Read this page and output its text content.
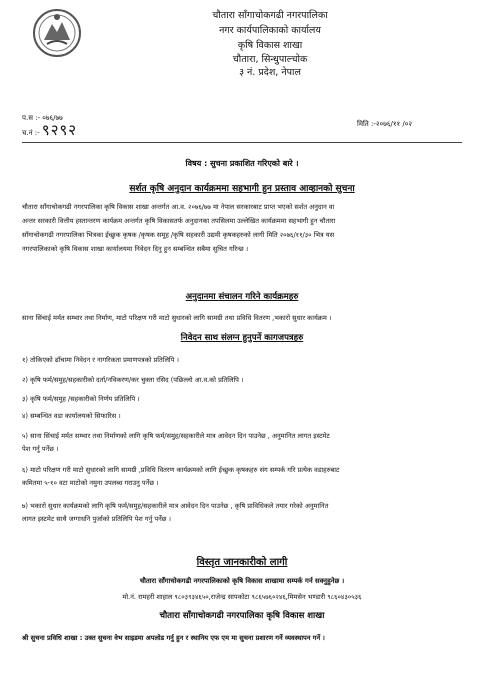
चौतारा साँगाचोकगढी नगरपालिका
नगर कार्यपालिकाको कार्यालय
कृषि विकास शाखा
चौतारा, सिन्धुपाल्चोक
३ नं. प्रदेश, नेपाल
प.स :- ०७६/७७
च.नं :- ९२९२	मिति :-२०७६/११ /०२
विषय : सुचना प्रकाशित गरिएको बारे ।
सर्शत कृषि अनुदान कार्यक्रममा सहभागी हुन प्रस्ताव आव्हानको सुचना
चौतारा साँगाचोकगढी नगरपालिका कृषि विकास शाखा अन्तर्गत आ.व. २०७६/७७ मा नेपाल सरकारबाट प्राप्त भएको सर्शत अनुदान वा
अन्तर सरकारी वित्तीय हस्तान्तरण कार्यक्रम अन्तर्गत कृषि विकासतर्फ अनुदानका तपसिलमा उल्लेखित कार्यक्रममा सहभागी हुन चौतारा
साँगाचोकगढी नगरपालिका भित्रका ईच्छुक कृषक /कृषक समूह /कृषि सहकारी उद्यमी कृषकहरुको लागी मिति २०७६/११/३० भित्र यस
नगरपालिकाको कृषि विकास शाखा कार्यालयमा निवेदन दिनु हुन सम्बन्धित सबैमा सुचित गरिन्छ ।
अनुदानमा संचालन गरिने कार्यक्रमहरु
साना सिंचाई मर्मत सम्भार तथा निर्माण, माटो परिक्षण गरी माटो सुधारको लागि सामग्री तथा प्रविधि वितरण ,भकारो सुधार कार्यक्रम ।
निवेदन साथ संलग्न हुनुपर्ने कागजपत्रहरु
१) तोकिएको ढाँचामा निवेदन र नागरिकता प्रमाणपत्रको प्रतिलिपि ।
२) कृषि फर्म/समुह/सहकारीको दर्ता/नविकरण/कर चुक्ता रसिद (पछिल्लो आ.व.को प्रतिलिपि ।
३) कृषि फर्म/समुह /सहकारीको निर्णय प्रतिलिपि ।
४) सम्बन्धित वडा कार्यालयको सिफारिस ।
५) साना सिंचाई मर्मत सम्भार तथा निर्माणको लागि कृषि फर्म/समुह/सहकारीले मात्र आवेदन दिन पाउनेछ , अनुमानित लागत इस्टमेट
पेश गर्नु पर्नेछ ।
६) माटो परिक्षण गरी माटो सुधारको लागि सामग्री ,प्रविधि वितरण कार्यक्रमको लागि ईच्छुक कृषकहरु संग सम्पर्क गरि प्रत्येक वडाहरुबाट
कमितमा ५-१० वटा माटोको नमुना उपलब्ध गराउनु पर्नेछ ।
७) भकारो सुधार कार्यक्रमको लागि कृषि फर्म/समुह/सहकारीले मात्र आवेदन दिन पाउनेछ , कृषि प्राविधिकले तयार गरेको अनुमानित
लागत इस्टमेट साथै जग्गाधनि पुर्जाको प्रतिलिपि पेश गर्नु पर्नेछ ।
विस्तृत जानकारीको लागी
चौतारा साँगाचोकगढी नगरपालिकाको कृषि विकास शाखामा सम्पर्क गर्न सक्नुहुनेछ ।
मो.नं. रामहरी शाहाल ९८०३९३४६५०,राजेन्द्र सापकोटा ९८६५७६०२४६,मिमसेन भण्डारी ९८६०४३०५३६
चौतारा साँगाचोकगढी नगरपालिका कृषि विकास शाखा
श्री सुचना प्रविधि शाखा : उक्त सुचना वेभ साइडमा अपलोड गर्नु हुन र स्थानिय एफ एम मा सुचना प्रशारण गर्ने व्यवस्थापन गर्ने ।
